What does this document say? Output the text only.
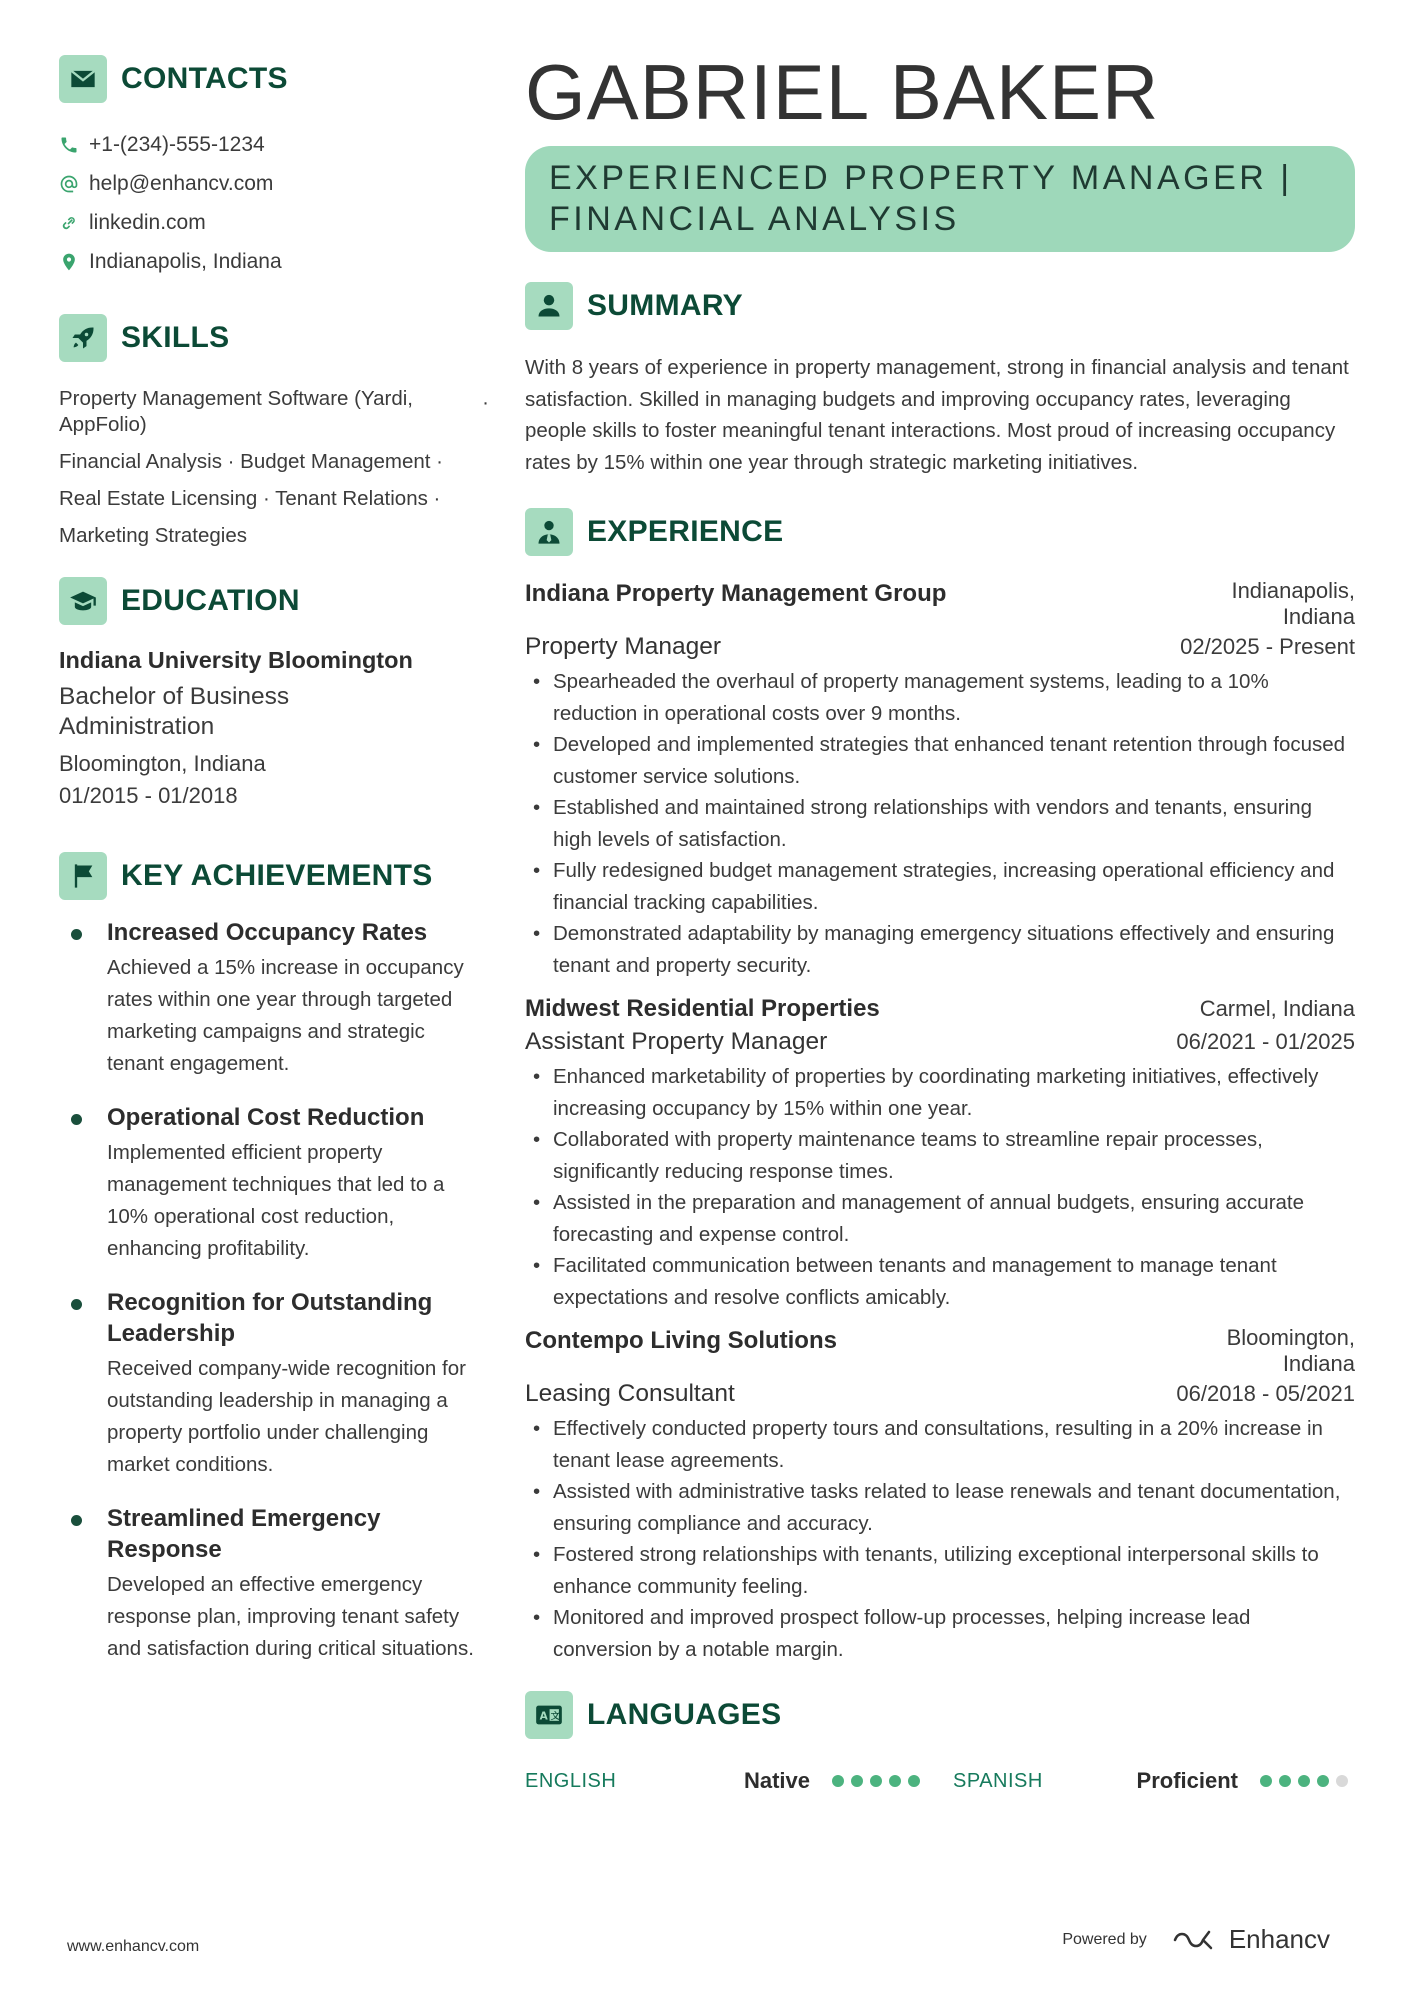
CONTACTS
+1-(234)-555-1234
help@enhancv.com
linkedin.com
Indianapolis, Indiana
SKILLS
Property Management Software (Yardi, AppFolio)
·
Financial Analysis · Budget Management ·
Real Estate Licensing · Tenant Relations ·
Marketing Strategies
EDUCATION
Indiana University Bloomington
Bachelor of Business Administration
Bloomington, Indiana
01/2015 - 01/2018
KEY ACHIEVEMENTS
Increased Occupancy Rates
Achieved a 15% increase in occupancy rates within one year through targeted marketing campaigns and strategic tenant engagement.
Operational Cost Reduction
Implemented efficient property management techniques that led to a 10% operational cost reduction, enhancing profitability.
Recognition for Outstanding Leadership
Received company-wide recognition for outstanding leadership in managing a property portfolio under challenging market conditions.
Streamlined Emergency Response
Developed an effective emergency response plan, improving tenant safety and satisfaction during critical situations.
GABRIEL BAKER
EXPERIENCED PROPERTY MANAGER | FINANCIAL ANALYSIS
SUMMARY
With 8 years of experience in property management, strong in financial analysis and tenant satisfaction. Skilled in managing budgets and improving occupancy rates, leveraging people skills to foster meaningful tenant interactions. Most proud of increasing occupancy rates by 15% within one year through strategic marketing initiatives.
EXPERIENCE
Indiana Property Management Group	Indianapolis,
Indiana
Property Manager	02/2025 - Present
• Spearheaded the overhaul of property management systems, leading to a 10% reduction in operational costs over 9 months.
• Developed and implemented strategies that enhanced tenant retention through focused customer service solutions.
• Established and maintained strong relationships with vendors and tenants, ensuring high levels of satisfaction.
• Fully redesigned budget management strategies, increasing operational efficiency and financial tracking capabilities.
• Demonstrated adaptability by managing emergency situations effectively and ensuring tenant and property security.
Midwest Residential Properties	Carmel, Indiana
Assistant Property Manager	06/2021 - 01/2025
• Enhanced marketability of properties by coordinating marketing initiatives, effectively increasing occupancy by 15% within one year.
• Collaborated with property maintenance teams to streamline repair processes, significantly reducing response times.
• Assisted in the preparation and management of annual budgets, ensuring accurate forecasting and expense control.
• Facilitated communication between tenants and management to manage tenant expectations and resolve conflicts amicably.
Contempo Living Solutions	Bloomington,
Indiana
Leasing Consultant	06/2018 - 05/2021
• Effectively conducted property tours and consultations, resulting in a 20% increase in tenant lease agreements.
• Assisted with administrative tasks related to lease renewals and tenant documentation, ensuring compliance and accuracy.
• Fostered strong relationships with tenants, utilizing exceptional interpersonal skills to enhance community feeling.
• Monitored and improved prospect follow-up processes, helping increase lead conversion by a notable margin.
A 文 LANGUAGES
ENGLISH	Native	SPANISH	Proficient
www.enhancv.com	Powered by	Enhancv
